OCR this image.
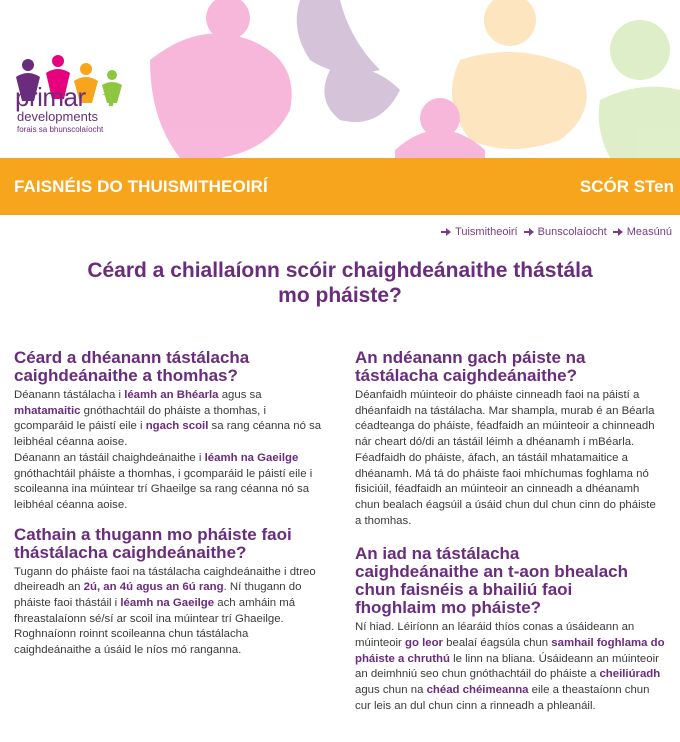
primar
developments
forais sa bhunscolaíocht
FAISNÉIS DO THUISMITHEOIRÍ	SCÓR STen
Tuismitheoirí Bunscolaíocht Measúnú
Céard a chiallaíonn scóir chaighdeánaithe thástála
mo pháiste?
Céard a dhéanann tástálacha
caighdeánaithe a thomhas?

Déanann tástálacha i léamh an Bhéarla agus sa mhatamaitic gnóthachtáil do pháiste a thomhas, i gcomparáid le páistí eile i ngach scoil sa rang céanna nó sa leibhéal céanna aoise.

Déanann an tástáil chaighdeánaithe i léamh na Gaeilge gnóthachtáil pháiste a thomhas, i gcomparáid le páistí eile i scoileanna ina múintear trí Ghaeilge sa rang céanna nó sa leibhéal céanna aoise.

Cathain a thugann mo pháiste faoi
thástálacha caighdeánaithe?

Tugann do pháiste faoi na tástálacha caighdeánaithe i dtreo dheireadh an 2ú, an 4ú agus an 6ú rang. Ní thugann do pháiste faoi thástáil i léamh na Gaeilge ach amháin má fhreastalaíonn sé/sí ar scoil ina múintear trí Ghaeilge. Roghnaíonn roinnt scoileanna chun tástálacha caighdeánaithe a úsáid le níos mó ranganna.

An ndéanann gach páiste na
tástálacha caighdeánaithe?

Déanfaidh múinteoir do pháiste cinneadh faoi na páistí a dhéanfaidh na tástálacha. Mar shampla, murab é an Béarla céadteanga do pháiste, féadfaidh an múinteoir a chinneadh nár cheart dó/di an tástáil léimh a dhéanamh i mBéarla. Féadfaidh do pháiste, áfach, an tástáil mhatamaitice a dhéanamh. Má tá do pháiste faoi mhíchumas foghlama nó fisiciúil, féadfaidh an múinteoir an cinneadh a dhéanamh chun bealach éagsúil a úsáid chun dul chun cinn do pháiste a thomhas.

An iad na tástálacha
caighdeánaithe an t-aon bhealach
chun faisnéis a bhailiú faoi
fhoghlaim mo pháiste?

Ní hiad. Léiríonn an léaráid thíos conas a úsáideann an múinteoir go leor bealaí éagsúla chun samhail foghlama do pháiste a chruthú le linn na bliana. Úsáideann an múinteoir an deimhniú seo chun gnóthachtáil do pháiste a cheiliúradh agus chun na chéad chéimeanna eile a theastaíonn chun cur leis an dul chun cinn a rinneadh a phleanáil.
